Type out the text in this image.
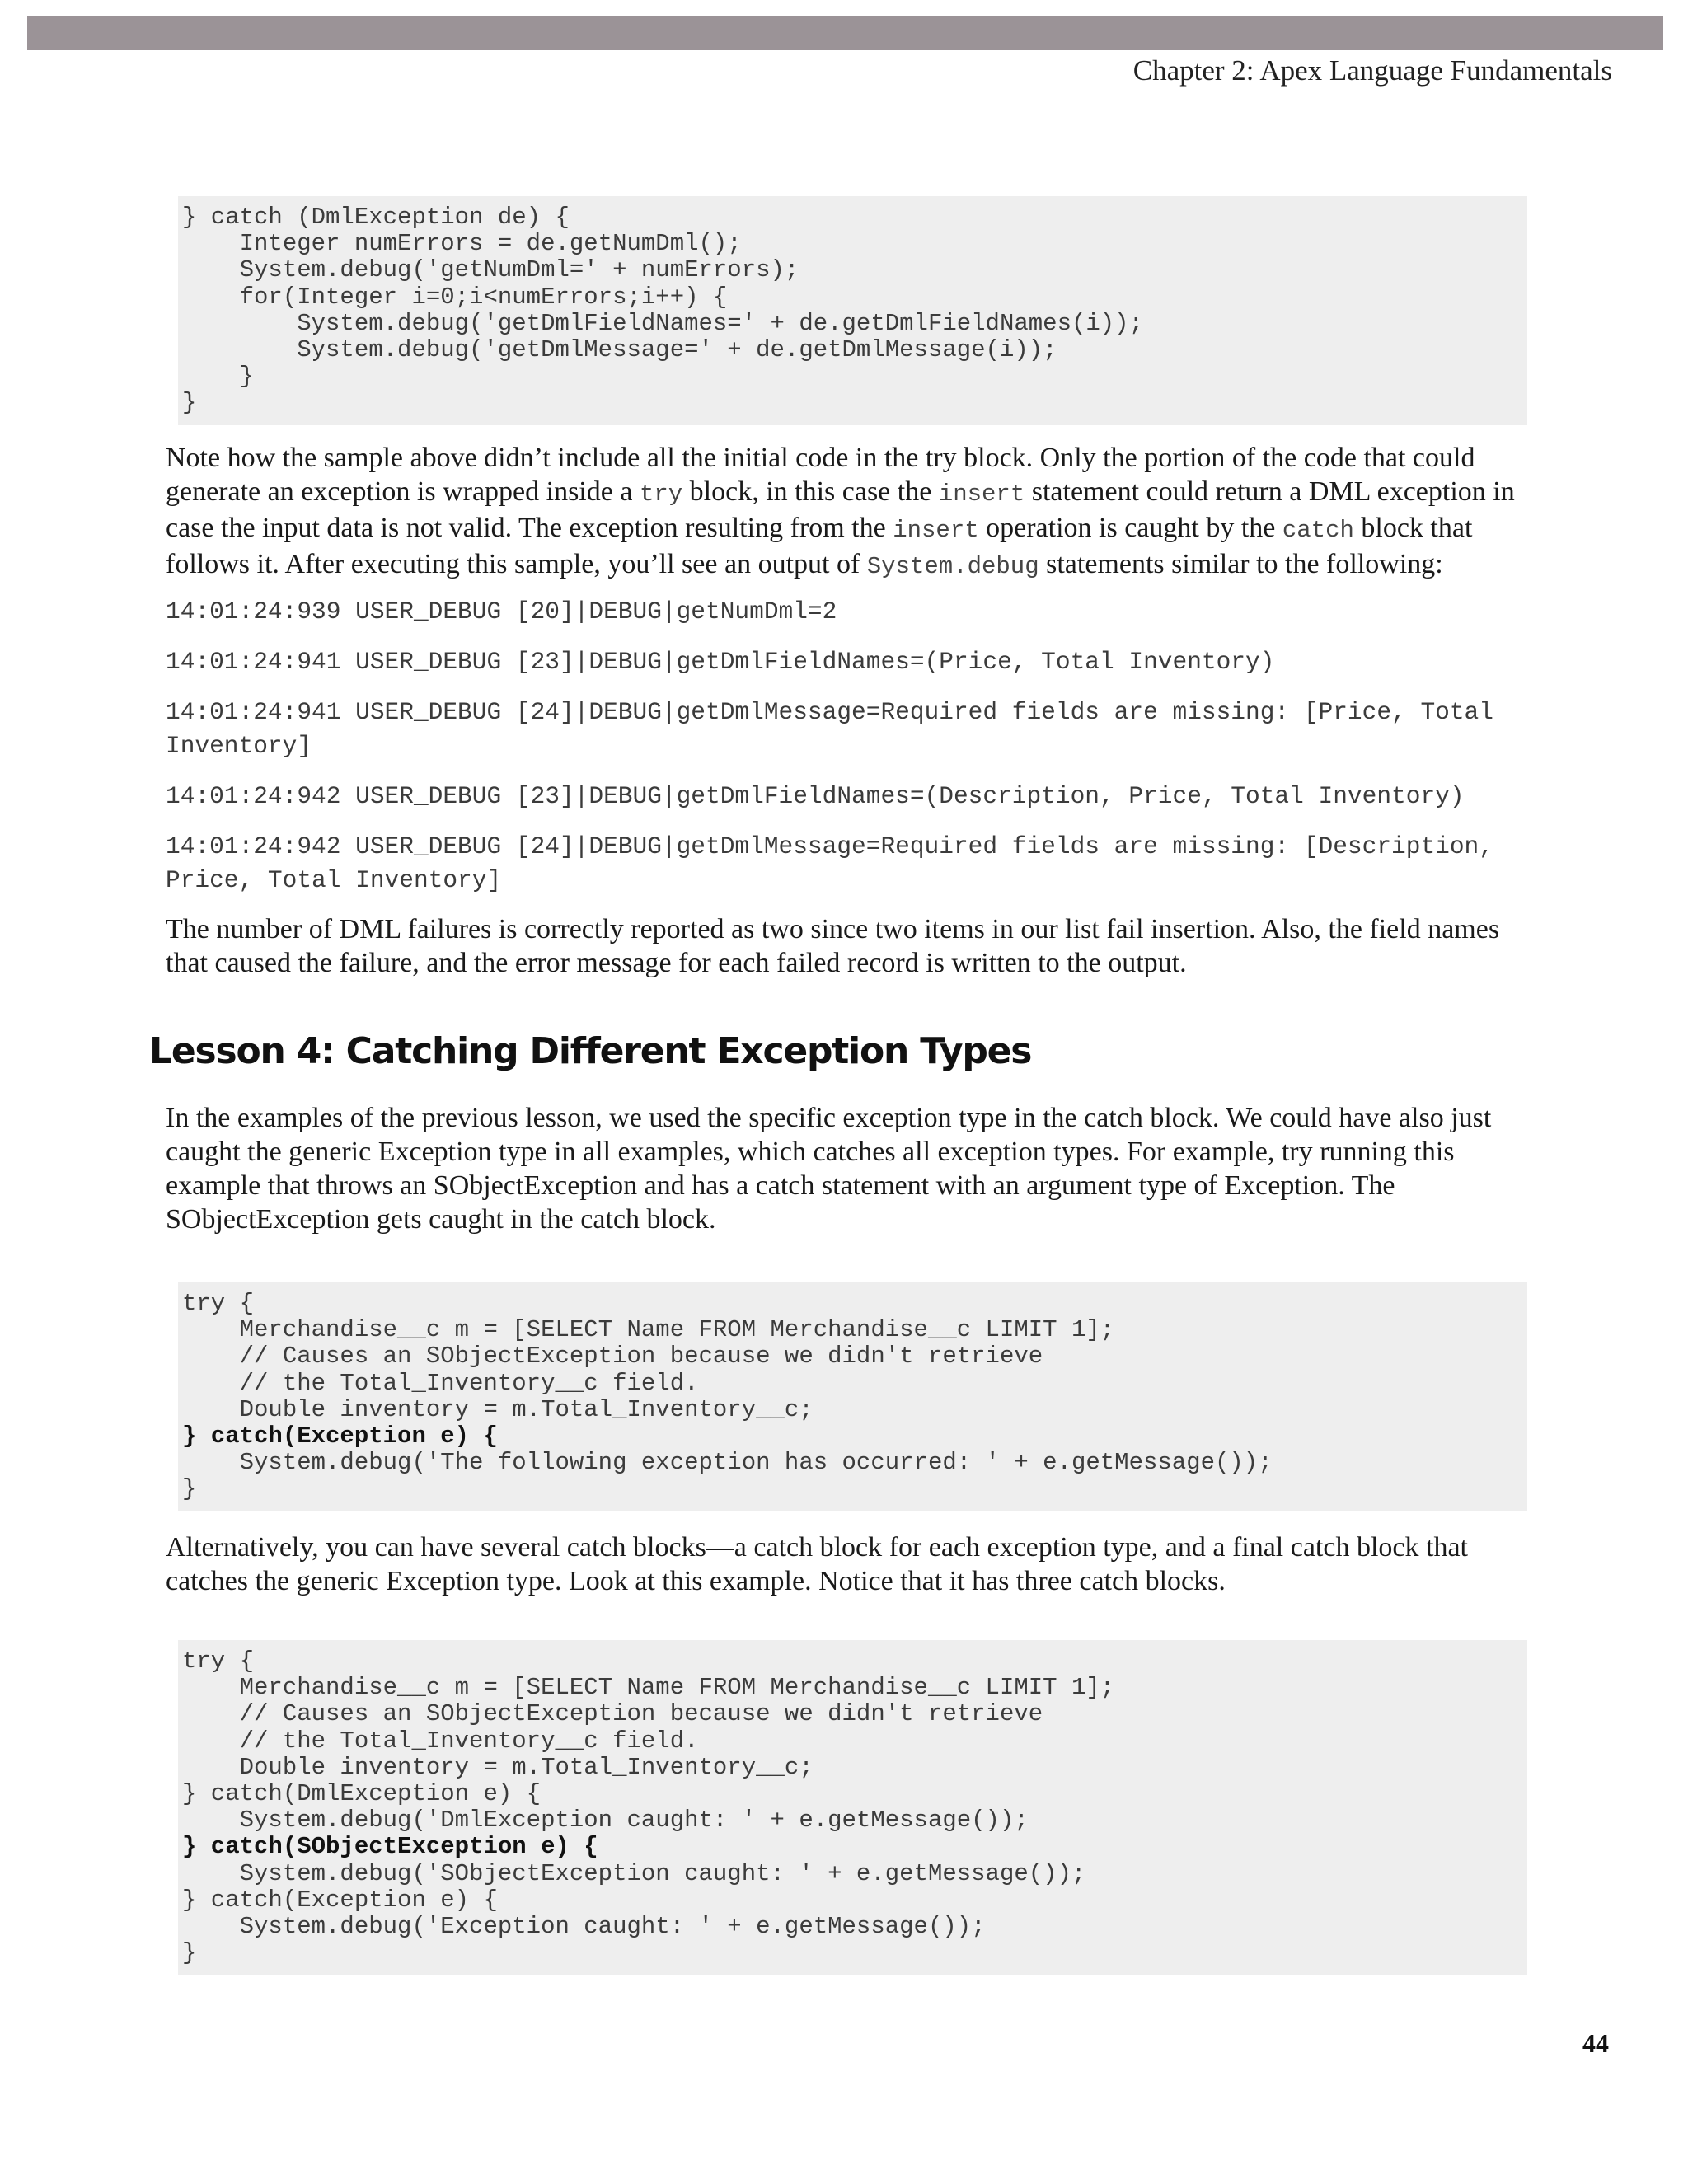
Chapter 2: Apex Language Fundamentals
} catch (DmlException de) {
Integer numErrors = de.getNumDml();
System.debug('getNumDml=' + numErrors);
for(Integer i=0;i<numErrors;i++) {
System.debug('getDmlFieldNames=' + de.getDmlFieldNames(i));
System.debug('getDmlMessage=' + de.getDmlMessage(i));
}
}
Note how the sample above didn’t include all the initial code in the try block. Only the portion of the code that could generate an exception is wrapped inside a try block, in this case the insert statement could return a DML exception in case the input data is not valid. The exception resulting from the insert operation is caught by the catch block that follows it. After executing this sample, you’ll see an output of System.debug statements similar to the following:
14:01:24:939 USER_DEBUG [20]|DEBUG|getNumDml=2
14:01:24:941 USER_DEBUG [23]|DEBUG|getDmlFieldNames=(Price, Total Inventory)
14:01:24:941 USER_DEBUG [24]|DEBUG|getDmlMessage=Required fields are missing: [Price, Total Inventory]
14:01:24:942 USER_DEBUG [23]|DEBUG|getDmlFieldNames=(Description, Price, Total Inventory)
14:01:24:942 USER_DEBUG [24]|DEBUG|getDmlMessage=Required fields are missing: [Description, Price, Total Inventory]
The number of DML failures is correctly reported as two since two items in our list fail insertion. Also, the field names that caused the failure, and the error message for each failed record is written to the output.
Lesson 4: Catching Different Exception Types
In the examples of the previous lesson, we used the specific exception type in the catch block. We could have also just caught the generic Exception type in all examples, which catches all exception types. For example, try running this example that throws an SObjectException and has a catch statement with an argument type of Exception. The SObjectException gets caught in the catch block.
try {
Merchandise__c m = [SELECT Name FROM Merchandise__c LIMIT 1];
// Causes an SObjectException because we didn't retrieve
// the Total_Inventory__c field.
Double inventory = m.Total_Inventory__c;
} catch(Exception e) {
System.debug('The following exception has occurred: ' + e.getMessage());
}
Alternatively, you can have several catch blocks—a catch block for each exception type, and a final catch block that catches the generic Exception type. Look at this example. Notice that it has three catch blocks.
try {
Merchandise__c m = [SELECT Name FROM Merchandise__c LIMIT 1];
// Causes an SObjectException because we didn't retrieve
// the Total_Inventory__c field.
Double inventory = m.Total_Inventory__c;
} catch(DmlException e) {
System.debug('DmlException caught: ' + e.getMessage());
} catch(SObjectException e) {
System.debug('SObjectException caught: ' + e.getMessage());
} catch(Exception e) {
System.debug('Exception caught: ' + e.getMessage());
}
44
